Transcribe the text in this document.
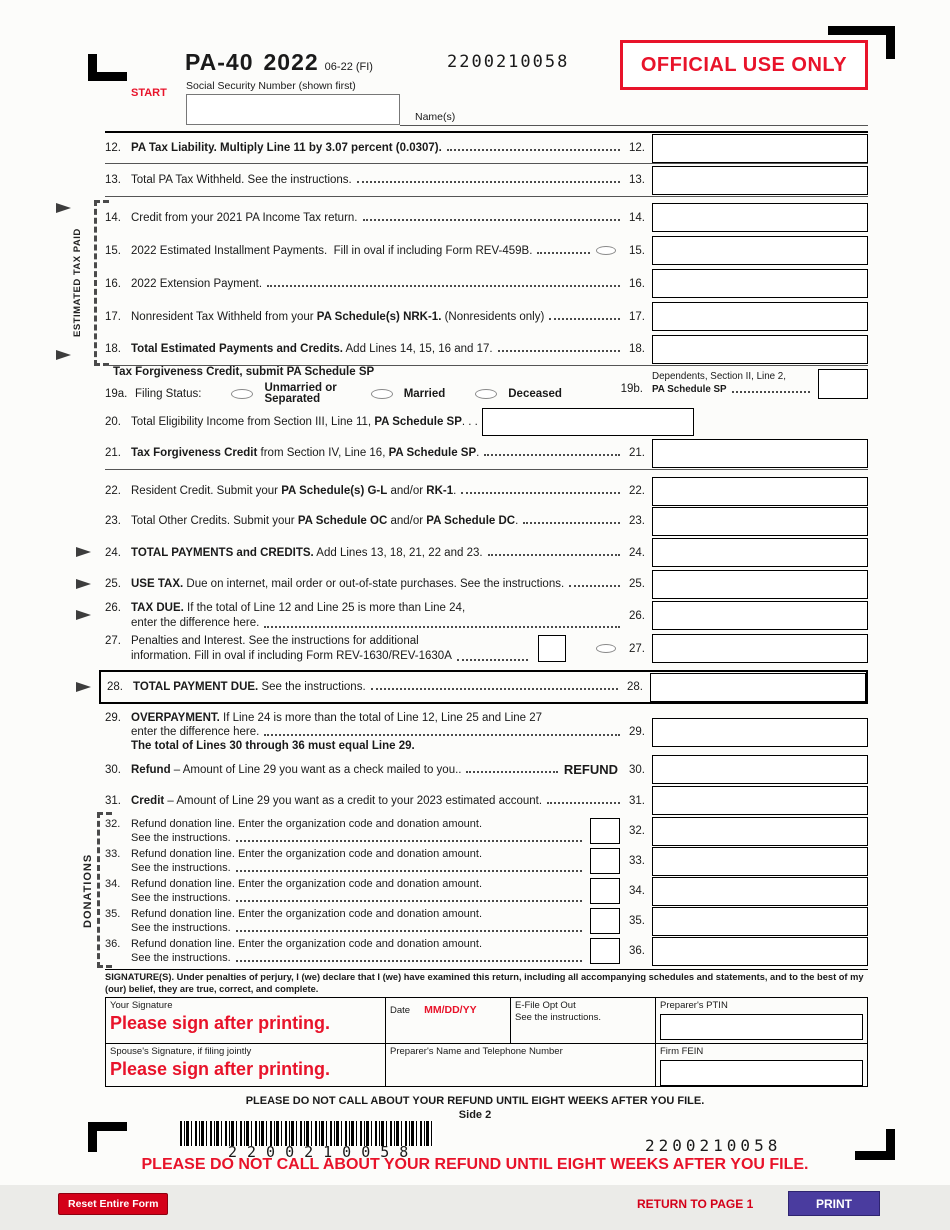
PA-40 2022 06-22 (FI)	2200210058	OFFICIAL USE ONLY
START
Social Security Number (shown first)
Name(s)
ESTIMATED TAX PAID
DONATIONS
12. PA Tax Liability. Multiply Line 11 by 3.07 percent (0.0307).	12.
13. Total PA Tax Withheld. See the instructions.	13.
14. Credit from your 2021 PA Income Tax return.	14.
15. 2022 Estimated Installment Payments.  Fill in oval if including Form REV-459B.	15.
16. 2022 Extension Payment.	16.
17. Nonresident Tax Withheld from your PA Schedule(s) NRK-1. (Nonresidents only)	17.
18. Total Estimated Payments and Credits. Add Lines 14, 15, 16 and 17.	18.
Tax Forgiveness Credit, submit PA Schedule SP
19a. Filing Status:	Unmarried or
Separated	Married	Deceased
20. Total Eligibility Income from Section III, Line 11, PA Schedule SP . . .
19b.
Dependents, Section II, Line 2,
PA Schedule SP
21. Tax Forgiveness Credit from Section IV, Line 16, PA Schedule SP .	21.
22. Resident Credit. Submit your PA Schedule(s) G-L and/or RK-1 .	22.
23. Total Other Credits. Submit your PA Schedule OC and/or PA Schedule DC .	23.
24. TOTAL PAYMENTS and CREDITS. Add Lines 13, 18, 21, 22 and 23.	24.
25. USE TAX. Due on internet, mail order or out-of-state purchases. See the instructions.	25.
26. TAX DUE. If the total of Line 12 and Line 25 is more than Line 24,
enter the difference here.
26.
27. Penalties and Interest. See the instructions for additional
information. Fill in oval if including Form REV-1630/REV-1630A
27.
28. TOTAL PAYMENT DUE. See the instructions.	28.
29. OVERPAYMENT. If Line 24 is more than the total of Line 12, Line 25 and Line 27
enter the difference here.
The total of Lines 30 through 36 must equal Line 29.
29.
30. Refund – Amount of Line 29 you want as a check mailed to you..	REFUND 30.
31. Credit – Amount of Line 29 you want as a credit to your 2023 estimated account.	31.
32. Refund donation line. Enter the organization code and donation amount.
See the instructions.
32.
33. Refund donation line. Enter the organization code and donation amount.
See the instructions.
33.
34. Refund donation line. Enter the organization code and donation amount.
See the instructions.
34.
35. Refund donation line. Enter the organization code and donation amount.
See the instructions.
35.
36. Refund donation line. Enter the organization code and donation amount.
See the instructions.
36.
SIGNATURE(S). Under penalties of perjury, I (we) declare that I (we) have examined this return, including all accompanying schedules and statements, and to the best of my (our) belief, they are true, correct, and complete.
Your Signature
Please sign after printing.
Date MM/DD/YY	E-File Opt Out
See the instructions.
Preparer's PTIN
Spouse's Signature, if filing jointly
Please sign after printing.
Preparer's Name and Telephone Number	Firm FEIN
PLEASE DO NOT CALL ABOUT YOUR REFUND UNTIL EIGHT WEEKS AFTER YOU FILE.
Side 2
2200210058	2200210058
PLEASE DO NOT CALL ABOUT YOUR REFUND UNTIL EIGHT WEEKS AFTER YOU FILE.
Reset Entire Form	RETURN TO PAGE 1	PRINT
